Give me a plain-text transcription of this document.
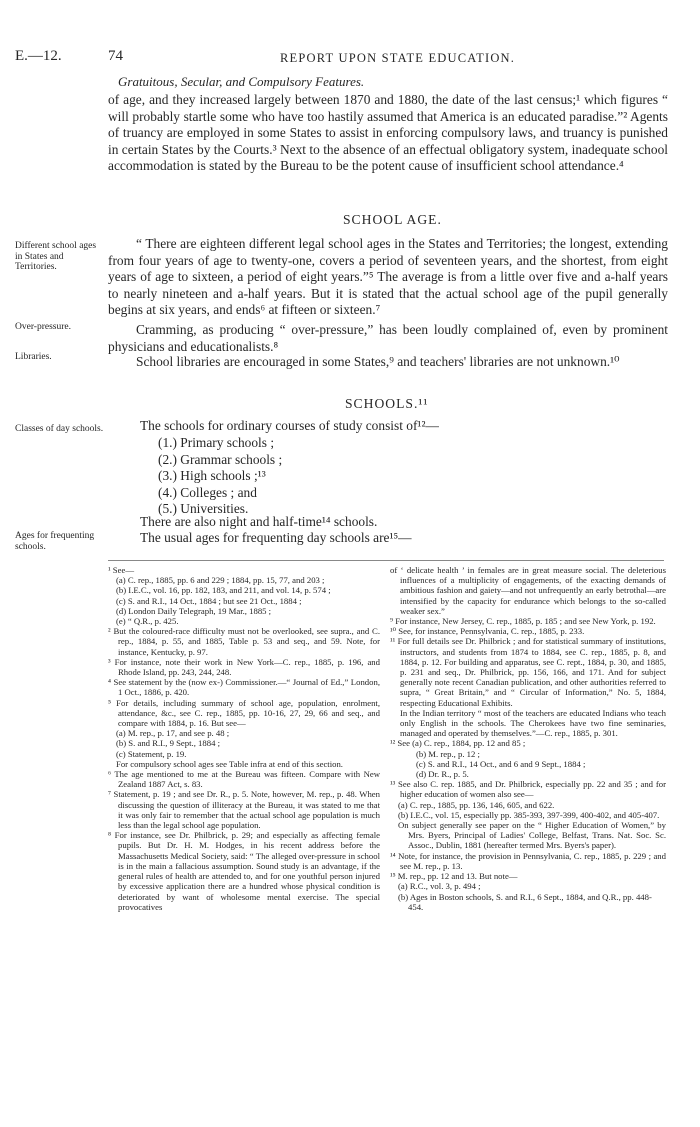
E.—12.	74	REPORT UPON STATE EDUCATION.
Gratuitous, Secular, and Compulsory Features.

of age, and they increased largely between 1870 and 1880, the date of the last census;¹ which figures “ will probably startle some who have too hastily assumed that America is an educated paradise.”² Agents of truancy are employed in some States to assist in enforcing compulsory laws, and truancy is punished in certain States by the Courts.³ Next to the absence of an effectual obligatory system, inadequate school accommodation is stated by the Bureau to be the potent cause of insufficient school attendance.⁴

SCHOOL AGE.
Different school ages in States and Territories.

“ There are eighteen different legal school ages in the States and Territories; the longest, extending from four years of age to twenty-one, covers a period of seventeen years, and the shortest, from eight years of age to sixteen, a period of eight years.”⁵ The average is from a little over five and a-half years to nearly nineteen and a-half years. But it is stated that the actual school age of the pupil generally begins at six years, and ends⁶ at fifteen or sixteen.⁷

Over-pressure.	Cramming, as producing “ over-pressure,” has been loudly complained of, even by prominent physicians and educationalists.⁸

Libraries.	School libraries are encouraged in some States,⁹ and teachers' libraries are not unknown.¹⁰

SCHOOLS.¹¹
Classes of day schools.	The schools for ordinary courses of study consist of¹²—
(1.) Primary schools ;
(2.) Grammar schools ;
(3.) High schools ;¹³
(4.) Colleges ; and
(5.) Universities.
There are also night and half-time¹⁴ schools.
Ages for frequenting schools.
The usual ages for frequenting day schools are¹⁵—

¹ See—

(a) C. rep., 1885, pp. 6 and 229 ; 1884, pp. 15, 77, and 203 ;

(b) I.E.C., vol. 16, pp. 182, 183, and 211, and vol. 14, p. 574 ;

(c) S. and R.I., 14 Oct., 1884 ; but see 21 Oct., 1884 ;

(d) London Daily Telegraph, 19 Mar., 1885 ;

(e) “ Q.R., p. 425.

² But the coloured-race difficulty must not be overlooked, see supra., and C. rep., 1884, p. 55, and 1885, Table p. 53 and seq., and 59. Note, for instance, Kentucky, p. 97.

³ For instance, note their work in New York—C. rep., 1885, p. 196, and Rhode Island, pp. 243, 244, 248.

⁴ See statement by the (now ex-) Commissioner.—“ Journal of Ed.,” London, 1 Oct., 1886, p. 420.

⁵ For details, including summary of school age, population, enrolment, attendance, &c., see C. rep., 1885, pp. 10-16, 27, 29, 66 and seq., and compare with 1884, p. 16. But see—

(a) M. rep., p. 17, and see p. 48 ;

(b) S. and R.I., 9 Sept., 1884 ;

(c) Statement, p. 19.

For compulsory school ages see Table infra at end of this section.

⁶ The age mentioned to me at the Bureau was fifteen. Compare with New Zealand 1887 Act, s. 83.

⁷ Statement, p. 19 ; and see Dr. R., p. 5. Note, however, M. rep., p. 48. When discussing the question of illiteracy at the Bureau, it was stated to me that it was only fair to remember that the actual school age population is much less than the legal school age population.

⁸ For instance, see Dr. Philbrick, p. 29; and especially as affecting female pupils. But Dr. H. M. Hodges, in his recent address before the Massachusetts Medical Society, said: “ The alleged over-pressure in school is in the main a fallacious assumption. Sound study is an advantage, if the general rules of health are attended to, and for one youthful person injured by excessive application there are a hundred whose physical condition is deteriorated by want of wholesome mental exercise. The special provocatives

of ‘ delicate health ’ in females are in great measure social. The deleterious influences of a multiplicity of engagements, of the exacting demands of ambitious fashion and gaiety—and not unfrequently an early betrothal—are intensified by the capacity for endurance which belongs to the so-called weaker sex.”

⁹ For instance, New Jersey, C. rep., 1885, p. 185 ; and see New York, p. 192.

¹⁰ See, for instance, Pennsylvania, C. rep., 1885, p. 233.

¹¹ For full details see Dr. Philbrick ; and for statistical summary of institutions, instructors, and students from 1874 to 1884, see C. rep., 1885, p. 8, and 1884, p. 12. For building and apparatus, see C. rept., 1884, p. 30, and 1885, p. 231 and seq., Dr. Philbrick, pp. 156, 166, and 171. And for subject generally note recent Canadian publication, and other authorities referred to supra, “ Great Britain,” and “ Circular of Information,” No. 5, 1884, respecting Educational Exhibits.

In the Indian territory “ most of the teachers are educated Indians who teach only English in the schools. The Cherokees have two fine seminaries, managed and operated by themselves.”—C. rep., 1885, p. 301.

¹² See (a) C. rep., 1884, pp. 12 and 85 ;

(b) M. rep., p. 12 ;

(c) S. and R.I., 14 Oct., and 6 and 9 Sept., 1884 ;

(d) Dr. R., p. 5.

¹³ See also C. rep. 1885, and Dr. Philbrick, especially pp. 22 and 35 ; and for higher education of women also see—

(a) C. rep., 1885, pp. 136, 146, 605, and 622.

(b) I.E.C., vol. 15, especially pp. 385-393, 397-399, 400-402, and 405-407.

On subject generally see paper on the “ Higher Education of Women,” by Mrs. Byers, Principal of Ladies' College, Belfast, Trans. Nat. Soc. Sc. Assoc., Dublin, 1881 (hereafter termed Mrs. Byers's paper).

¹⁴ Note, for instance, the provision in Pennsylvania, C. rep., 1885, p. 229 ; and see M. rep., p. 13.

¹⁵ M. rep., pp. 12 and 13. But note—

(a) R.C., vol. 3, p. 494 ;

(b) Ages in Boston schools, S. and R.I., 6 Sept., 1884, and Q.R., pp. 448-454.
